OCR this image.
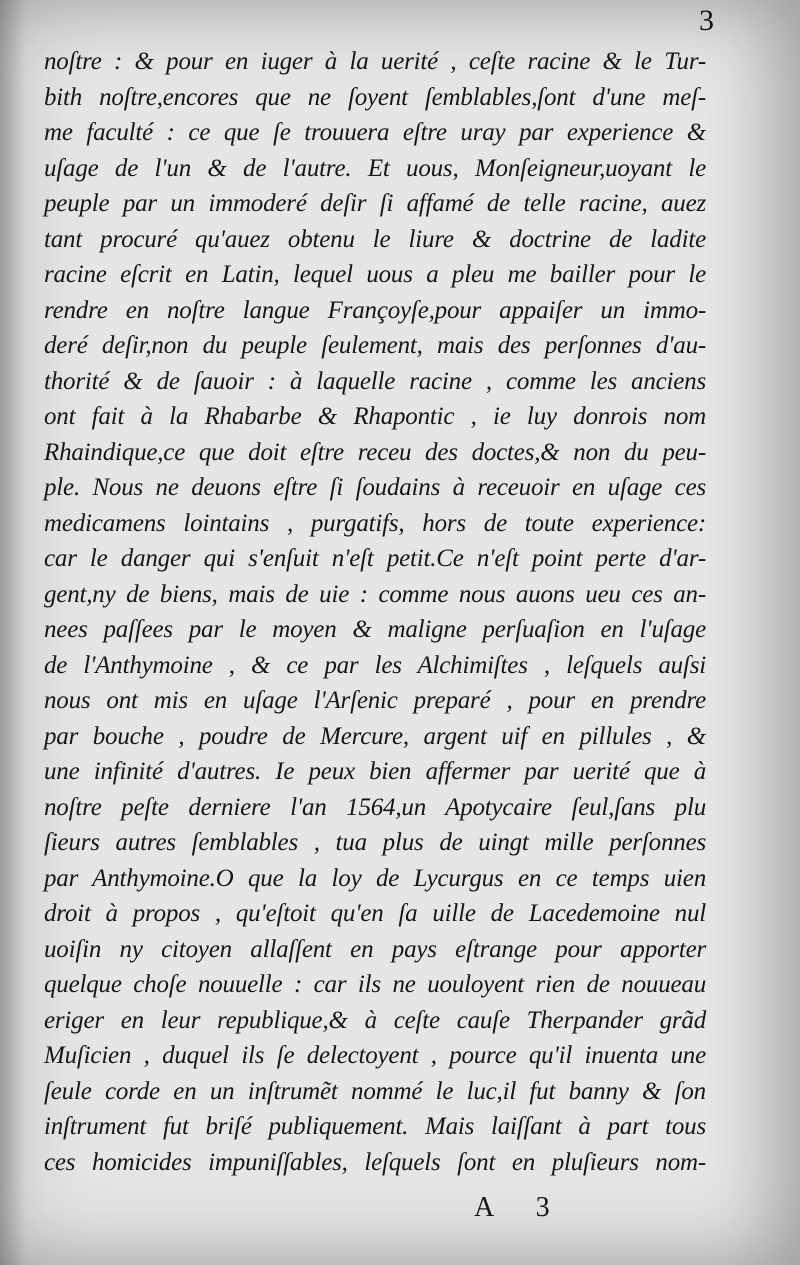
3
noſtre : & pour en iuger à la uerité , ceſte racine & le Tur-
bith noſtre,encores que ne ſoyent ſemblables,ſont d'une meſ-
me faculté : ce que ſe trouuera eſtre uray par experience &
uſage de l'un & de l'autre. Et uous, Monſeigneur,uoyant le
peuple par un immoderé deſir ſi affamé de telle racine, auez
tant procuré qu'auez obtenu le liure & doctrine de ladite
racine eſcrit en Latin, lequel uous a pleu me bailler pour le
rendre en noſtre langue Françoyſe,pour appaiſer un immo-
deré deſir,non du peuple ſeulement, mais des perſonnes d'au-
thorité & de ſauoir : à laquelle racine , comme les anciens
ont fait à la Rhabarbe & Rhapontic , ie luy donrois nom
Rhaindique,ce que doit eſtre receu des doctes,& non du peu-
ple. Nous ne deuons eſtre ſi ſoudains à receuoir en uſage ces
medicamens lointains , purgatifs, hors de toute experience:
car le danger qui s'enſuit n'eſt petit.Ce n'eſt point perte d'ar-
gent,ny de biens, mais de uie : comme nous auons ueu ces an-
nees paſſees par le moyen & maligne perſuaſion en l'uſage
de l'Anthymoine , & ce par les Alchimiſtes , leſquels auſsi
nous ont mis en uſage l'Arſenic preparé , pour en prendre
par bouche , poudre de Mercure, argent uif en pillules , &
une infinité d'autres. Ie peux bien affermer par uerité que à
noſtre peſte derniere l'an 1564,un Apotycaire ſeul,ſans plu
ſieurs autres ſemblables , tua plus de uingt mille perſonnes
par Anthymoine.O que la loy de Lycurgus en ce temps uien
droit à propos , qu'eſtoit qu'en ſa uille de Lacedemoine nul
uoiſin ny citoyen allaſſent en pays eſtrange pour apporter
quelque choſe nouuelle : car ils ne uouloyent rien de nouueau
eriger en leur republique,& à ceſte cauſe Therpander grãd
Muſicien , duquel ils ſe delectoyent , pource qu'il inuenta une
ſeule corde en un inſtrumẽt nommé le luc,il fut banny & ſon
inſtrument fut briſé publiquement. Mais laiſſant à part tous
ces homicides impuniſſables, leſquels ſont en pluſieurs nom-
A 3
